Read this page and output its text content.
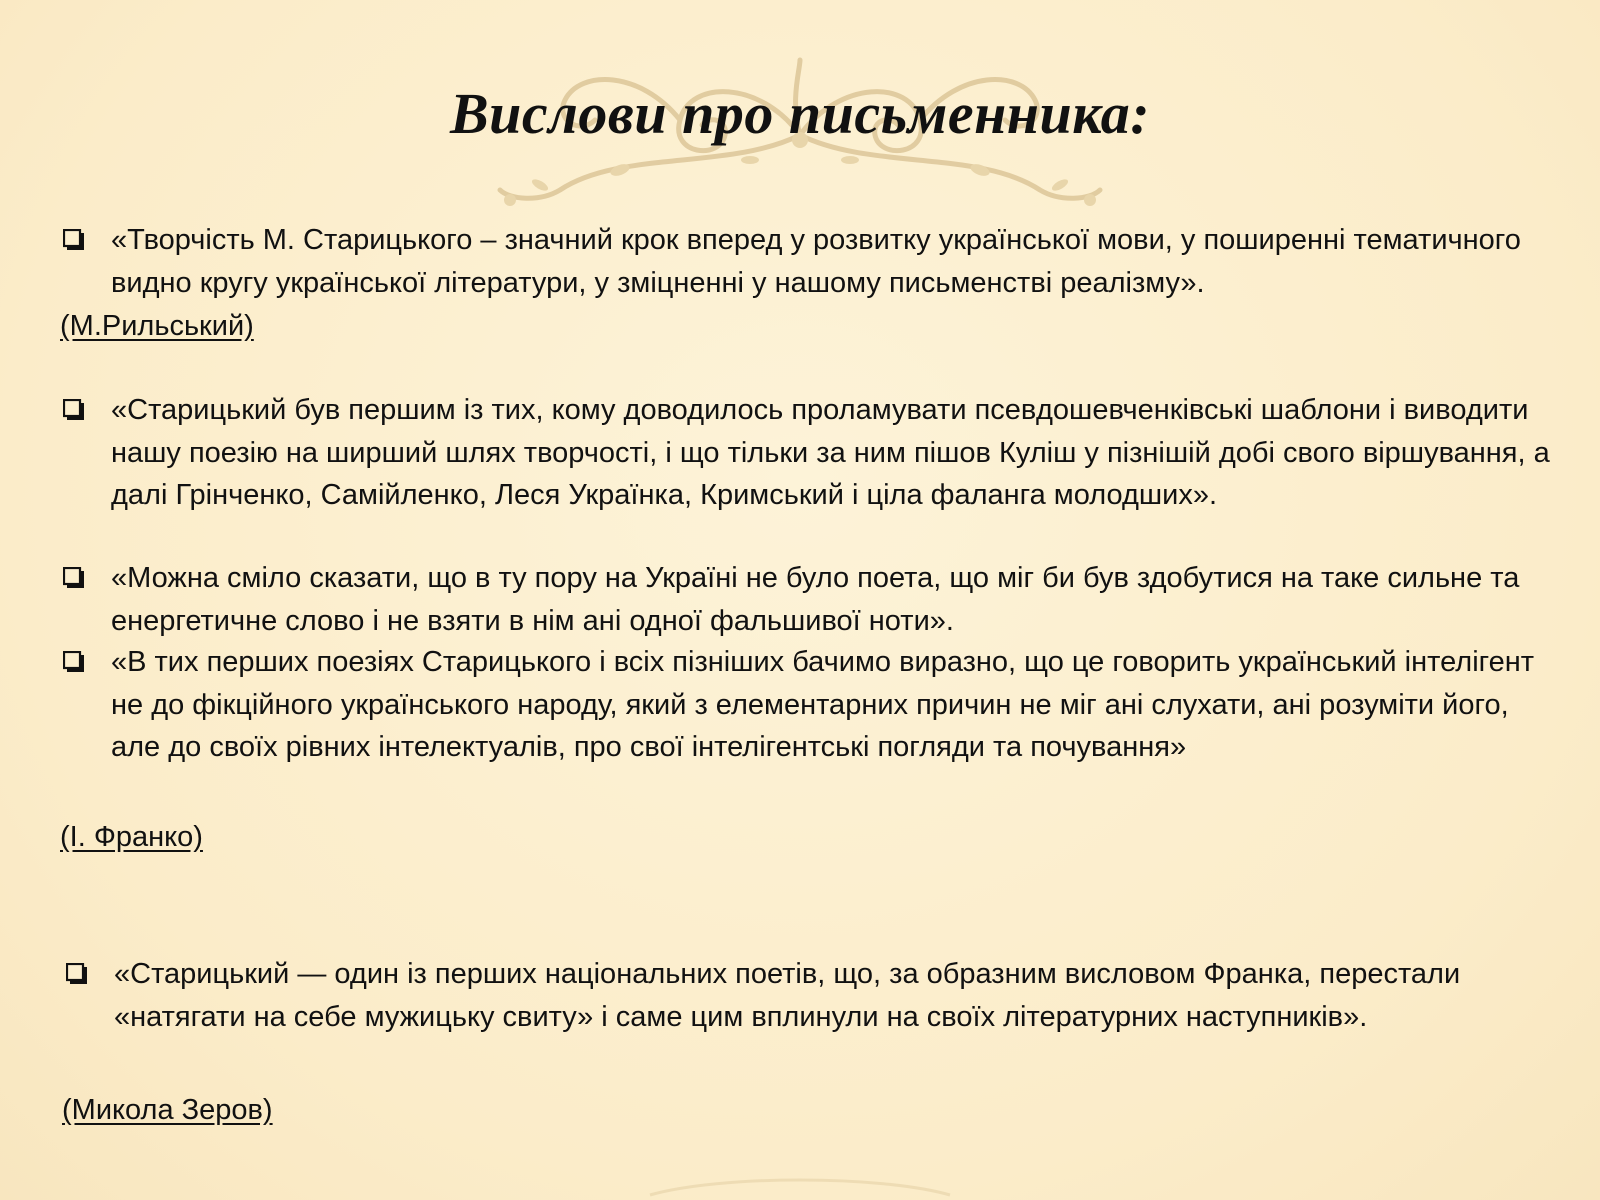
Вислови про письменника:
«Творчість М. Старицького – значний крок вперед у розвитку української мови, у поширенні тематичного видно кругу української літератури, у зміцненні у нашому письменстві реалізму».
(М.Рильський)
«Старицький був першим із тих, кому доводилось проламувати псевдошевченківські шаблони і виводити нашу поезію на ширший шлях творчості, і що тільки за ним пішов Куліш у пізнішій добі свого віршування, а далі Грінченко, Самійленко, Леся Українка, Кримський і ціла фаланга молодших».
«Можна сміло сказати, що в ту пору на Україні не було поета, що міг би був здобутися на таке сильне та енергетичне слово і не взяти в нім ані одної фальшивої ноти».
«В тих перших поезіях Старицького і всіх пізніших бачимо виразно, що це говорить український інтелігент не до фікційного українського народу, який з елементарних причин не міг ані слухати, ані розуміти його, але до своїх рівних інтелектуалів, про свої інтелігентські погляди та почування»
(І. Франко)
«Старицький — один із перших національних поетів, що, за образним висловом Франка, перестали «натягати на себе мужицьку свиту» і саме цим вплинули на своїх літературних наступників».
(Микола Зеров)
